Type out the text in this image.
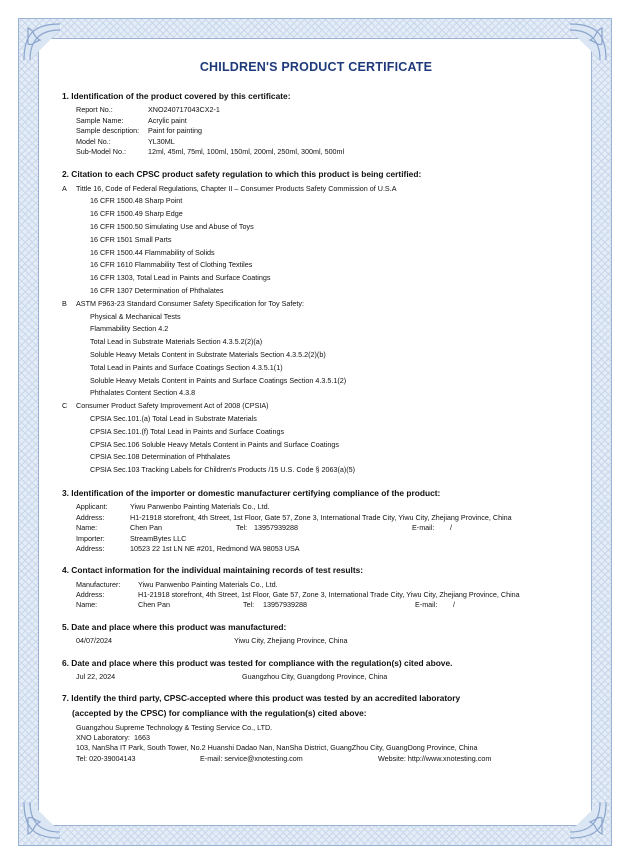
CHILDREN'S PRODUCT CERTIFICATE
1. Identification of the product covered by this certificate:
Report No.:	XNO240717043CX2-1
Sample Name:	Acrylic paint
Sample description:	Paint for painting
Model No.:	YL30ML
Sub-Model No.:	12ml, 45ml, 75ml, 100ml, 150ml, 200ml, 250ml, 300ml, 500ml
2. Citation to each CPSC product safety regulation to which this product is being certified:
A Tittle 16, Code of Federal Regulations, Chapter II – Consumer Products Safety Commission of U.S.A
16 CFR 1500.48 Sharp Point
16 CFR 1500.49 Sharp Edge
16 CFR 1500.50 Simulating Use and Abuse of Toys
16 CFR 1501 Small Parts
16 CFR 1500.44 Flammability of Solids
16 CFR 1610 Flammability Test of Clothing Textiles
16 CFR 1303, Total Lead in Paints and Surface Coatings
16 CFR 1307 Determination of Phthalates
B ASTM F963-23 Standard Consumer Safety Specification for Toy Safety:
Physical & Mechanical Tests
Flammability Section 4.2
Total Lead in Substrate Materials Section 4.3.5.2(2)(a)
Soluble Heavy Metals Content in Substrate Materials Section 4.3.5.2(2)(b)
Total Lead in Paints and Surface Coatings Section 4.3.5.1(1)
Soluble Heavy Metals Content in Paints and Surface Coatings Section 4.3.5.1(2)
Phthalates Content Section 4.3.8
C Consumer Product Safety Improvement Act of 2008 (CPSIA)
CPSIA Sec.101.(a) Total Lead in Substrate Materials
CPSIA Sec.101.(f) Total Lead in Paints and Surface Coatings
CPSIA Sec.106 Soluble Heavy Metals Content in Paints and Surface Coatings
CPSIA Sec.108 Determination of Phthalates
CPSIA Sec.103 Tracking Labels for Children's Products /15 U.S. Code § 2063(a)(5)
3. Identification of the importer or domestic manufacturer certifying compliance of the product:
Applicant:	Yiwu Panwenbo Painting Materials Co., Ltd.
Address:	H1-21918 storefront, 4th Street, 1st Floor, Gate 57, Zone 3, International Trade City, Yiwu City, Zhejiang Province, China
Name:	Chen Pan	Tel: 13957939288	E-mail:	/
Importer:	StreamBytes LLC
Address:	10523 22 1st LN NE #201, Redmond WA 98053 USA
4. Contact information for the individual maintaining records of test results:
Manufacturer:	Yiwu Panwenbo Painting Materials Co., Ltd.
Address:	H1-21918 storefront, 4th Street, 1st Floor, Gate 57, Zone 3, International Trade City, Yiwu City, Zhejiang Province, China
Name:	Chen Pan	Tel:	13957939288	E-mail:	/
5. Date and place where this product was manufactured:
04/07/2024	Yiwu City, Zhejiang Province, China
6. Date and place where this product was tested for compliance with the regulation(s) cited above.
Jul 22, 2024	Guangzhou City, Guangdong Province, China
7. Identify the third party, CPSC-accepted where this product was tested by an accredited laboratory
(accepted by the CPSC) for compliance with the regulation(s) cited above:
Guangzhou Supreme Technology & Testing Service Co., LTD.
XNO Laboratory: 1663
103, NanSha IT Park, South Tower, No.2 Huanshi Dadao Nan, NanSha District, GuangZhou City, GuangDong Province, China
Tel: 020-39004143	E-mail: service@xnotesting.com	Website: http://www.xnotesting.com
